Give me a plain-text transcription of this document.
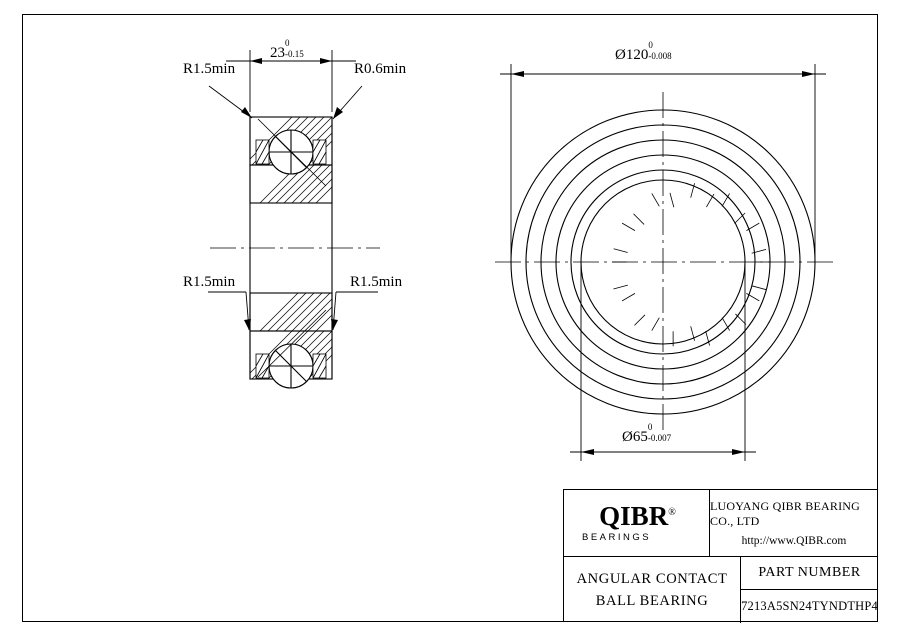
R1.5min	R0.6min
R1.5min	R1.5min
23
0
-0.15	Ø120
0
-0.008
Ø65
0
-0.007
QIBR®
BEARINGS
LUOYANG QIBR BEARING CO., LTD
http://www.QIBR.com
ANGULAR CONTACT
BALL BEARING
PART NUMBER
7213A5SN24TYNDTHP4
